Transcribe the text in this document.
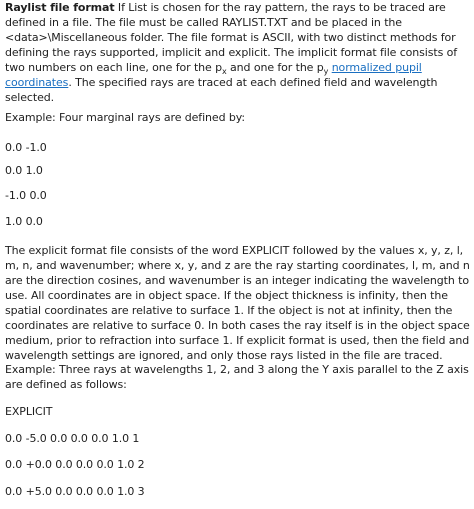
Raylist file format If List is chosen for the ray pattern, the rays to be traced are defined in a file. The file must be called RAYLIST.TXT and be placed in the <data>\Miscellaneous folder. The file format is ASCII, with two distinct methods for defining the rays supported, implicit and explicit. The implicit format file consists of two numbers on each line, one for the $p_x$ and one for the $p_y$ normalized pupil coordinates. The specified rays are traced at each defined field and wavelength selected.

Example: Four marginal rays are defined by:

0.0 -1.0

0.0 1.0

-1.0 0.0

1.0 0.0

The explicit format file consists of the word EXPLICIT followed by the values x, y, z, l, m, n, and wavenumber; where x, y, and z are the ray starting coordinates, l, m, and n are the direction cosines, and wavenumber is an integer indicating the wavelength to use. All coordinates are in object space. If the object thickness is infinity, then the spatial coordinates are relative to surface 1. If the object is not at infinity, then the coordinates are relative to surface 0. In both cases the ray itself is in the object space medium, prior to refraction into surface 1. If explicit format is used, then the field and wavelength settings are ignored, and only those rays listed in the file are traced.

Example: Three rays at wavelengths 1, 2, and 3 along the Y axis parallel to the Z axis are defined as follows:

EXPLICIT

0.0 -5.0 0.0 0.0 0.0 1.0 1

0.0 +0.0 0.0 0.0 0.0 1.0 2

0.0 +5.0 0.0 0.0 0.0 1.0 3
